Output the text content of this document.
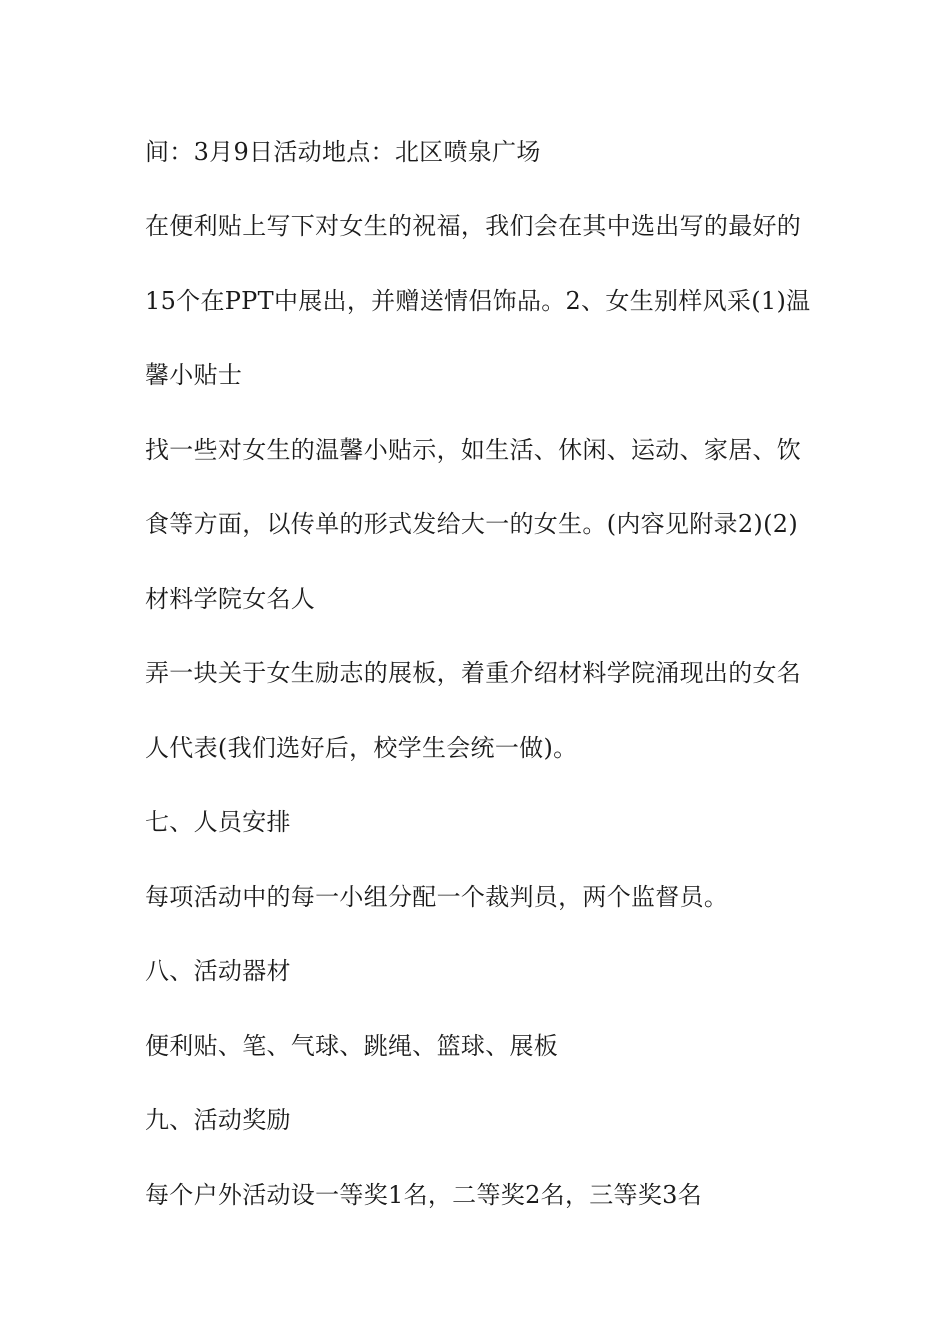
间：3月9日活动地点：北区喷泉广场
在便利贴上写下对女生的祝福，我们会在其中选出写的最好的
15个在PPT中展出，并赠送情侣饰品。2、女生别样风采(1)温
馨小贴士
找一些对女生的温馨小贴示，如生活、休闲、运动、家居、饮
食等方面，以传单的形式发给大一的女生。(内容见附录2)(2)
材料学院女名人
弄一块关于女生励志的展板，着重介绍材料学院涌现出的女名
人代表(我们选好后，校学生会统一做)。
七、人员安排
每项活动中的每一小组分配一个裁判员，两个监督员。
八、活动器材
便利贴、笔、气球、跳绳、篮球、展板
九、活动奖励
每个户外活动设一等奖1名，二等奖2名，三等奖3名
